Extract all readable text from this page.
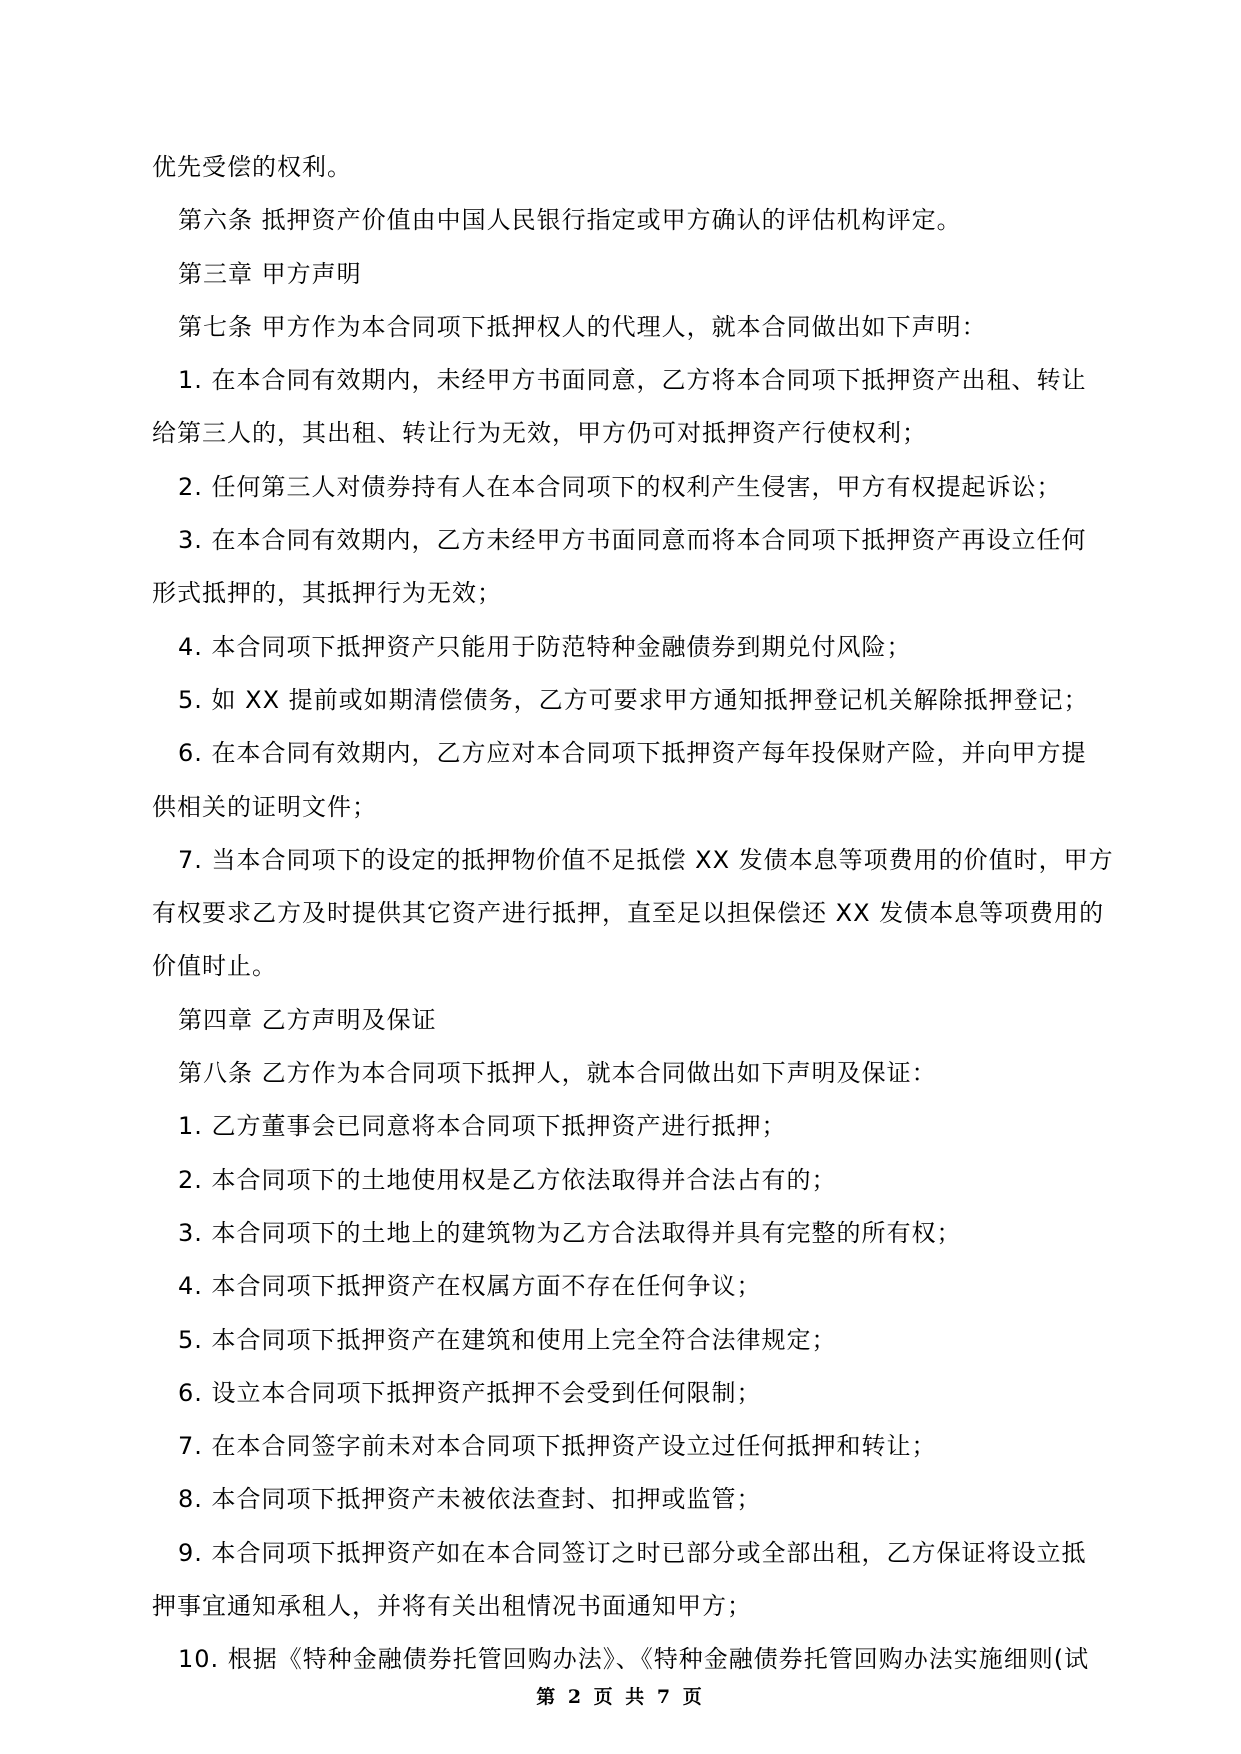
优先受偿的权利。
第六条 抵押资产价值由中国人民银行指定或甲方确认的评估机构评定。
第三章 甲方声明
第七条 甲方作为本合同项下抵押权人的代理人，就本合同做出如下声明：
1. 在本合同有效期内，未经甲方书面同意，乙方将本合同项下抵押资产出租、转让
给第三人的，其出租、转让行为无效，甲方仍可对抵押资产行使权利；
2. 任何第三人对债券持有人在本合同项下的权利产生侵害，甲方有权提起诉讼；
3. 在本合同有效期内，乙方未经甲方书面同意而将本合同项下抵押资产再设立任何
形式抵押的，其抵押行为无效；
4. 本合同项下抵押资产只能用于防范特种金融债券到期兑付风险；
5. 如 XX 提前或如期清偿债务，乙方可要求甲方通知抵押登记机关解除抵押登记；
6. 在本合同有效期内，乙方应对本合同项下抵押资产每年投保财产险，并向甲方提
供相关的证明文件；
7. 当本合同项下的设定的抵押物价值不足抵偿 XX 发债本息等项费用的价值时，甲方
有权要求乙方及时提供其它资产进行抵押，直至足以担保偿还 XX 发债本息等项费用的
价值时止。
第四章 乙方声明及保证
第八条 乙方作为本合同项下抵押人，就本合同做出如下声明及保证：
1. 乙方董事会已同意将本合同项下抵押资产进行抵押；
2. 本合同项下的土地使用权是乙方依法取得并合法占有的；
3. 本合同项下的土地上的建筑物为乙方合法取得并具有完整的所有权；
4. 本合同项下抵押资产在权属方面不存在任何争议；
5. 本合同项下抵押资产在建筑和使用上完全符合法律规定；
6. 设立本合同项下抵押资产抵押不会受到任何限制；
7. 在本合同签字前未对本合同项下抵押资产设立过任何抵押和转让；
8. 本合同项下抵押资产未被依法查封、扣押或监管；
9. 本合同项下抵押资产如在本合同签订之时已部分或全部出租，乙方保证将设立抵
押事宜通知承租人，并将有关出租情况书面通知甲方；
10. 根据《特种金融债券托管回购办法》、《特种金融债券托管回购办法实施细则(试
第 2 页 共 7 页
